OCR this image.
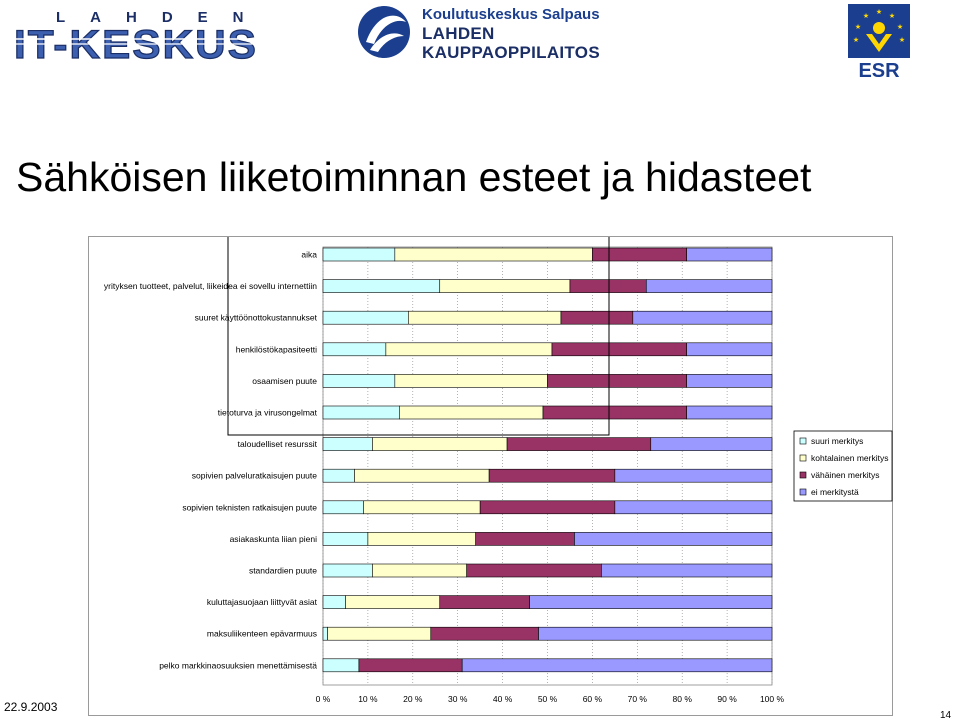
LAHDEN
IT-KESKUS
Koulutuskeskus Salpaus
LAHDEN
KAUPPAOPPILAITOS
★ ★
★
★
★
★	★
ESR
Sähköisen liiketoiminnan esteet ja hidasteet
aika
yrityksen tuotteet, palvelut, liikeidea ei sovellu internettiin
suuret käyttöönottokustannukset
henkilöstökapasiteetti
osaamisen puute
tietoturva ja virusongelmat
taloudelliset resurssit
sopivien palveluratkaisujen puute
sopivien teknisten ratkaisujen puute
asiakaskunta liian pieni
standardien puute
kuluttajasuojaan liittyvät asiat
maksuliikenteen epävarmuus
pelko markkinaosuuksien menettämisestä
0 %	10 %	20 %	30 %	40 %	50 %	60 %	70 %	80 %	90 %	100 %
suuri merkitys
kohtalainen merkitys
vähäinen merkitys
ei merkitystä
22.9.2003
14
